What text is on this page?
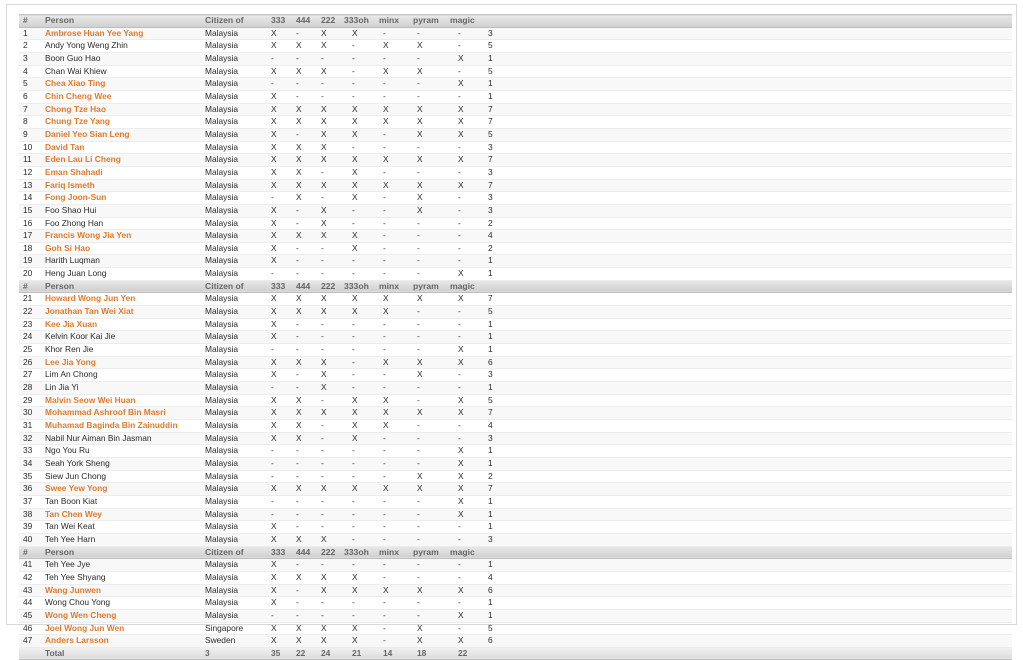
#	Person	Citizen of	333	444	222	333oh	minx	pyram	magic	
1	Ambrose Huan Yee Yang	Malaysia	X	-	X	X	-	-	-	3
2	Andy Yong Weng Zhin	Malaysia	X	X	X	-	X	X	-	5
3	Boon Guo Hao	Malaysia	-	-	-	-	-	-	X	1
4	Chan Wai Khiew	Malaysia	X	X	X	-	X	X	-	5
5	Chea Xiao Ting	Malaysia	-	-	-	-	-	-	X	1
6	Chin Cheng Wee	Malaysia	X	-	-	-	-	-	-	1
7	Chong Tze Hao	Malaysia	X	X	X	X	X	X	X	7
8	Chung Tze Yang	Malaysia	X	X	X	X	X	X	X	7
9	Daniel Yeo Sian Leng	Malaysia	X	-	X	X	-	X	X	5
10	David Tan	Malaysia	X	X	X	-	-	-	-	3
11	Eden Lau Li Cheng	Malaysia	X	X	X	X	X	X	X	7
12	Eman Shahadi	Malaysia	X	X	-	X	-	-	-	3
13	Fariq Ismeth	Malaysia	X	X	X	X	X	X	X	7
14	Fong Joon-Sun	Malaysia	-	X	-	X	-	X	-	3
15	Foo Shao Hui	Malaysia	X	-	X	-	-	X	-	3
16	Foo Zhong Han	Malaysia	X	-	X	-	-	-	-	2
17	Francis Wong Jia Yen	Malaysia	X	X	X	X	-	-	-	4
18	Goh Si Hao	Malaysia	X	-	-	X	-	-	-	2
19	Harith Luqman	Malaysia	X	-	-	-	-	-	-	1
20	Heng Juan Long	Malaysia	-	-	-	-	-	-	X	1
#	Person	Citizen of	333	444	222	333oh	minx	pyram	magic	
21	Howard Wong Jun Yen	Malaysia	X	X	X	X	X	X	X	7
22	Jonathan Tan Wei Xiat	Malaysia	X	X	X	X	X	-	-	5
23	Kee Jia Xuan	Malaysia	X	-	-	-	-	-	-	1
24	Kelvin Koor Kai Jie	Malaysia	X	-	-	-	-	-	-	1
25	Khor Ren Jie	Malaysia	-	-	-	-	-	-	X	1
26	Lee Jia Yong	Malaysia	X	X	X	-	X	X	X	6
27	Lim An Chong	Malaysia	X	-	X	-	-	X	-	3
28	Lin Jia Yi	Malaysia	-	-	X	-	-	-	-	1
29	Malvin Seow Wei Huan	Malaysia	X	X	-	X	X	-	X	5
30	Mohammad Ashroof Bin Masri	Malaysia	X	X	X	X	X	X	X	7
31	Muhamad Baginda Bin Zainuddin	Malaysia	X	X	-	X	X	-	-	4
32	Nabil Nur Aiman Bin Jasman	Malaysia	X	X	-	X	-	-	-	3
33	Ngo You Ru	Malaysia	-	-	-	-	-	-	X	1
34	Seah York Sheng	Malaysia	-	-	-	-	-	-	X	1
35	Siew Jun Chong	Malaysia	-	-	-	-	-	X	X	2
36	Swee Yew Yong	Malaysia	X	X	X	X	X	X	X	7
37	Tan Boon Kiat	Malaysia	-	-	-	-	-	-	X	1
38	Tan Chen Wey	Malaysia	-	-	-	-	-	-	X	1
39	Tan Wei Keat	Malaysia	X	-	-	-	-	-	-	1
40	Teh Yee Harn	Malaysia	X	X	X	-	-	-	-	3
#	Person	Citizen of	333	444	222	333oh	minx	pyram	magic	
41	Teh Yee Jye	Malaysia	X	-	-	-	-	-	-	1
42	Teh Yee Shyang	Malaysia	X	X	X	X	-	-	-	4
43	Wang Junwen	Malaysia	X	-	X	X	X	X	X	6
44	Wong Chou Yong	Malaysia	X	-	-	-	-	-	-	1
45	Wong Wen Cheng	Malaysia	-	-	-	-	-	-	X	1
46	Joel Wong Jun Wen	Singapore	X	X	X	X	-	X	-	5
47	Anders Larsson	Sweden	X	X	X	X	-	X	X	6
	Total	3	35	22	24	21	14	18	22	
